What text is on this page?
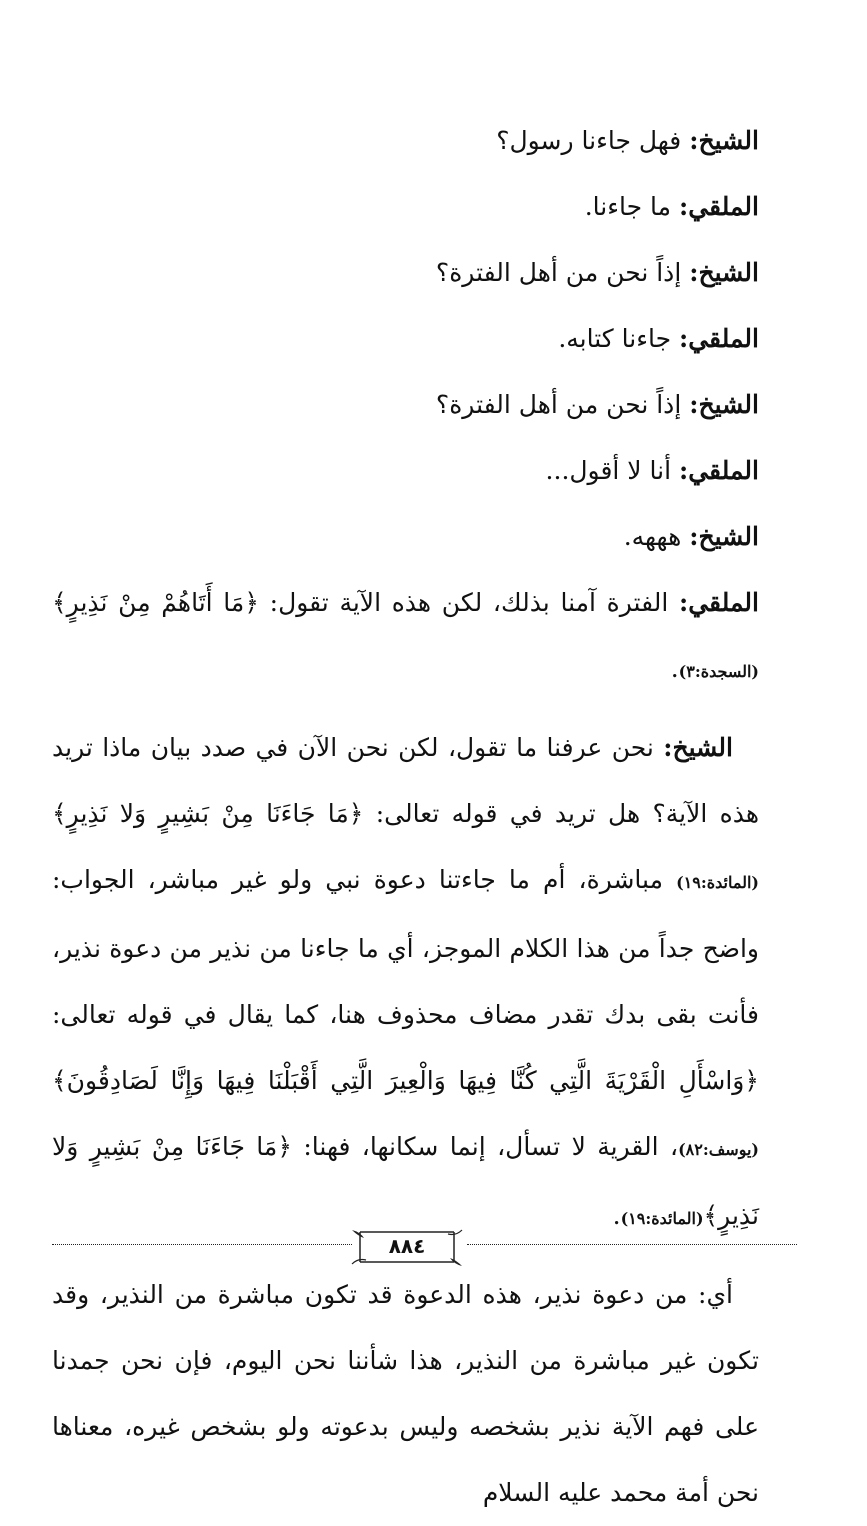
الشيخ: فهل جاءنا رسول؟

الملقي: ما جاءنا.

الشيخ: إذاً نحن من أهل الفترة؟

الملقي: جاءنا كتابه.

الشيخ: إذاً نحن من أهل الفترة؟

الملقي: أنا لا أقول...

الشيخ: هههه.

الملقي: الفترة آمنا بذلك، لكن هذه الآية تقول: ﴿مَا أَتَاهُمْ مِنْ نَذِيرٍ﴾(السجدة:٣).

الشيخ: نحن عرفنا ما تقول، لكن نحن الآن في صدد بيان ماذا تريد هذه الآية؟ هل تريد في قوله تعالى: ﴿مَا جَاءَنَا مِنْ بَشِيرٍ وَلا نَذِيرٍ﴾(المائدة:١٩) مباشرة، أم ما جاءتنا دعوة نبي ولو غير مباشر، الجواب: واضح جداً من هذا الكلام الموجز، أي ما جاءنا من نذير من دعوة نذير، فأنت بقى بدك تقدر مضاف محذوف هنا، كما يقال في قوله تعالى: ﴿وَاسْأَلِ الْقَرْيَةَ الَّتِي كُنَّا فِيهَا وَالْعِيرَ الَّتِي أَقْبَلْنَا فِيهَا وَإِنَّا لَصَادِقُونَ﴾(يوسف:٨٢)، القرية لا تسأل، إنما سكانها، فهنا: ﴿مَا جَاءَنَا مِنْ بَشِيرٍ وَلا نَذِيرٍ﴾(المائدة:١٩).

أي: من دعوة نذير، هذه الدعوة قد تكون مباشرة من النذير، وقد تكون غير مباشرة من النذير، هذا شأننا نحن اليوم، فإن نحن جمدنا على فهم الآية نذير بشخصه وليس بدعوته ولو بشخص غيره، معناها نحن أمة محمد عليه السلام

٨٨٤
